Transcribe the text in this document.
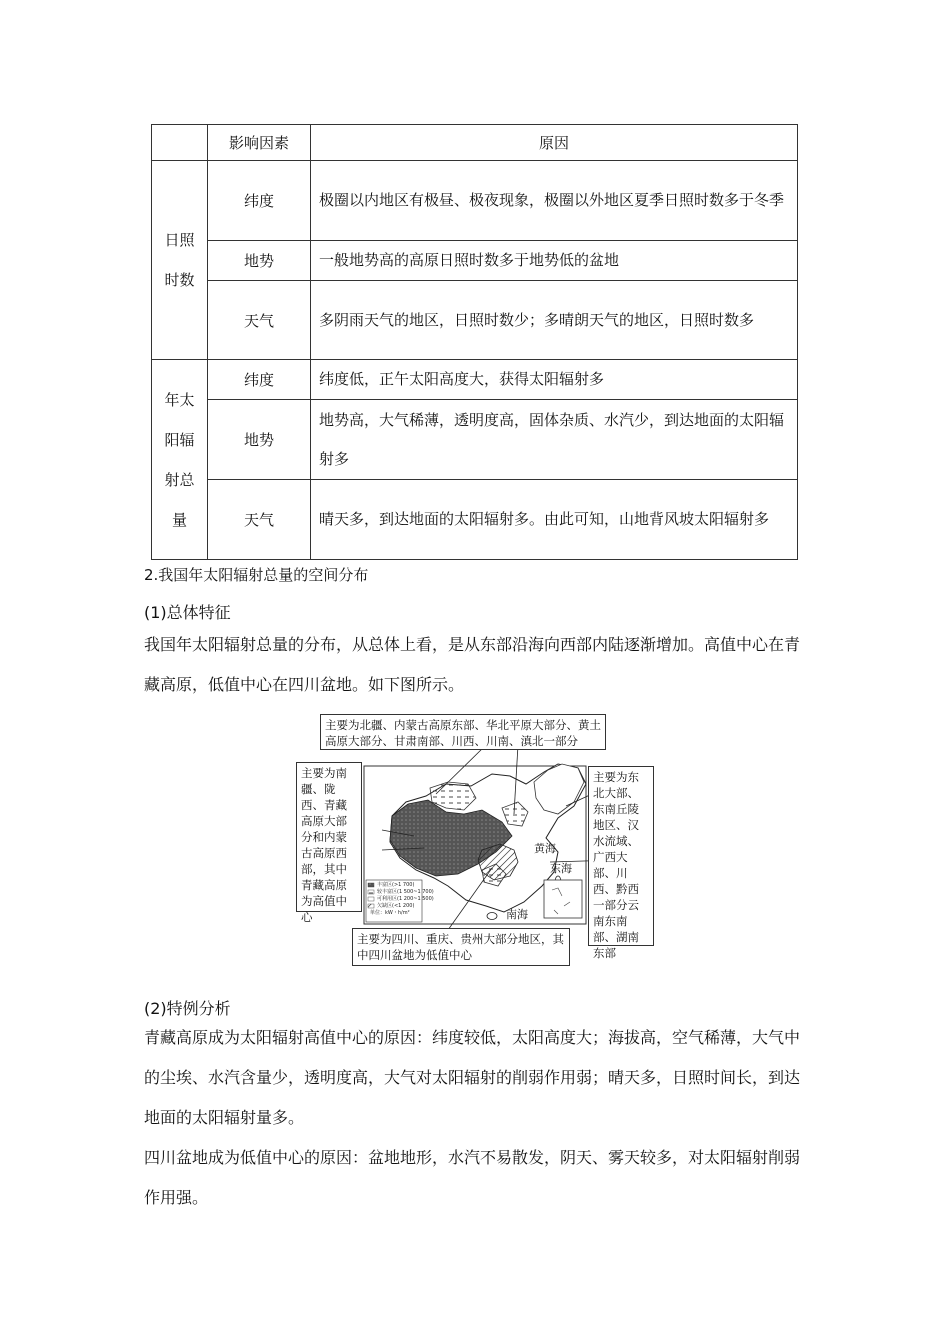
	影响因素	原因
日照时数	纬度	极圈以内地区有极昼、极夜现象，极圈以外地区夏季日照时数多于冬季
	地势	一般地势高的高原日照时数多于地势低的盆地
	天气	多阴雨天气的地区，日照时数少；多晴朗天气的地区，日照时数多
年太阳辐射总量	纬度	纬度低，正午太阳高度大，获得太阳辐射多
	地势	地势高，大气稀薄，透明度高，固体杂质、水汽少，到达地面的太阳辐射多
	天气	晴天多，到达地面的太阳辐射多。由此可知，山地背风坡太阳辐射多

2.我国年太阳辐射总量的空间分布

(1)总体特征

我国年太阳辐射总量的分布，从总体上看，是从东部沿海向西部内陆逐渐增加。高值中心在青藏高原，低值中心在四川盆地。如下图所示。

主要为北疆、内蒙古高原东部、华北平原大部分、黄土高原大部分、甘肃南部、川西、川南、滇北一部分
主要为南疆、陇西、青藏高原大部分和内蒙古高原西部，其中青藏高原为高值中心
主要为东北大部、东南丘陵地区、汉水流域、广西大部、川西、黔西一部分云南东南部、湖南东部
主要为四川、重庆、贵州大部分地区，其中四川盆地为低值中心
黄海
东海
南海
丰富区(>1 700)
较丰富区(1 500~1 700)
可利用区(1 200~1 500)
欠缺区(<1 200)
单位：kW・h/m²

(2)特例分析

青藏高原成为太阳辐射高值中心的原因：纬度较低，太阳高度大；海拔高，空气稀薄，大气中的尘埃、水汽含量少，透明度高，大气对太阳辐射的削弱作用弱；晴天多，日照时间长，到达地面的太阳辐射量多。

四川盆地成为低值中心的原因：盆地地形，水汽不易散发，阴天、雾天较多，对太阳辐射削弱作用强。
